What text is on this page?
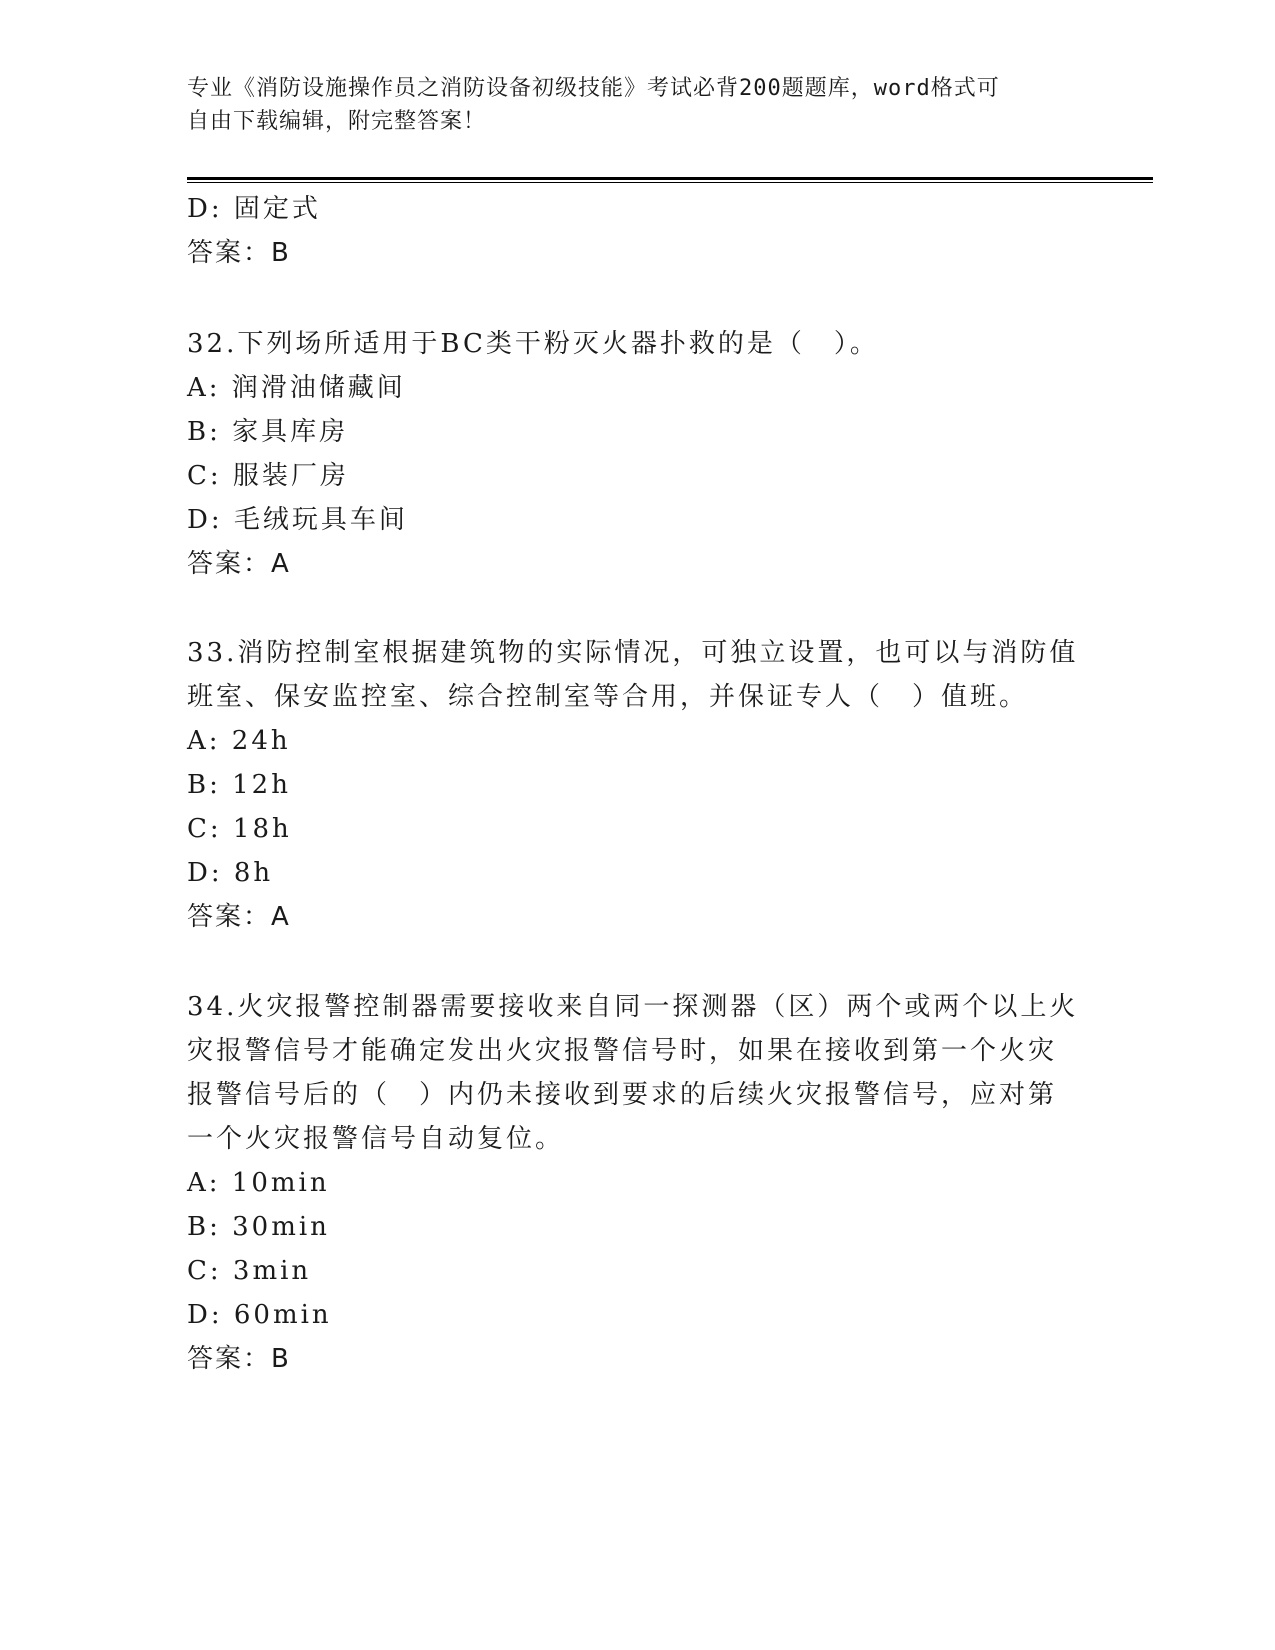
专业《消防设施操作员之消防设备初级技能》考试必背200题题库，word格式可
自由下载编辑，附完整答案！
D: 固定式
答案：B
32.下列场所适用于BC类干粉灭火器扑救的是（　）。
A: 润滑油储藏间
B: 家具库房
C: 服装厂房
D: 毛绒玩具车间
答案：A
33.消防控制室根据建筑物的实际情况，可独立设置，也可以与消防值
班室、保安监控室、综合控制室等合用，并保证专人（　）值班。
A: 24h
B: 12h
C: 18h
D: 8h
答案：A
34.火灾报警控制器需要接收来自同一探测器（区）两个或两个以上火
灾报警信号才能确定发出火灾报警信号时，如果在接收到第一个火灾
报警信号后的（　）内仍未接收到要求的后续火灾报警信号，应对第
一个火灾报警信号自动复位。
A: 10min
B: 30min
C: 3min
D: 60min
答案：B
